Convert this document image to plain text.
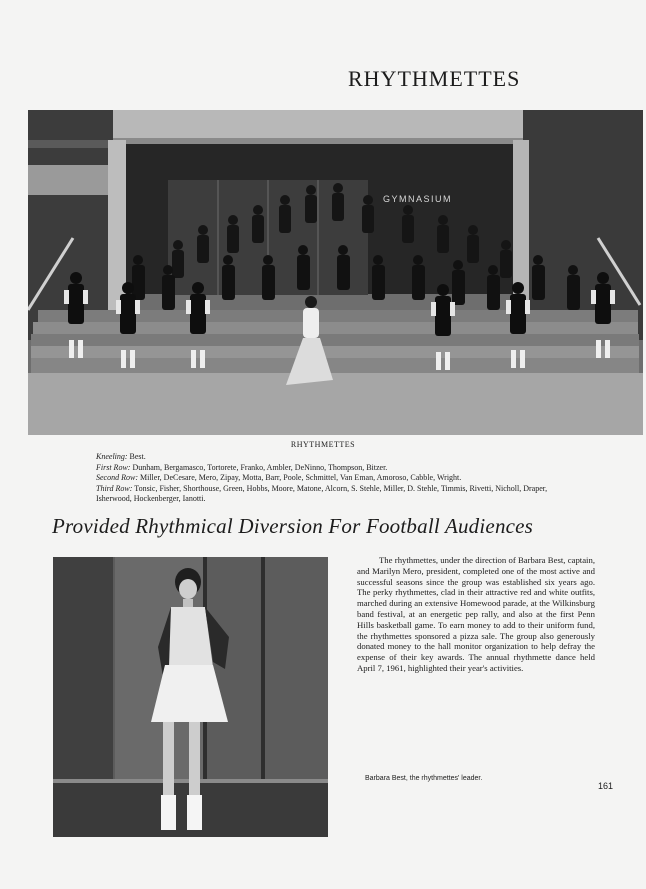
RHYTHMETTES
GYMNASIUM
RHYTHMETTES

Kneeling: Best.

First Row: Dunham, Bergamasco, Tortorete, Franko, Ambler, DeNinno, Thompson, Bitzer.

Second Row: Miller, DeCesare, Mero, Zipay, Motta, Barr, Poole, Schmittel, Van Eman, Amoroso, Cabble, Wright.

Third Row: Tonsic, Fisher, Shorthouse, Green, Hobbs, Moore, Matone, Alcorn, S. Stehle, Miller, D. Stehle, Timmis, Rivetti, Nicholl, Draper, Isherwood, Hockenberger, Ianotti.

Provided Rhythmical Diversion For Football Audiences

The rhythmettes, under the direction of Barbara Best, captain, and Marilyn Mero, president, completed one of the most active and successful seasons since the group was established six years ago. The perky rhythmettes, clad in their attractive red and white outfits, marched during an extensive Homewood parade, at the Wilkinsburg band festival, at an energetic pep rally, and also at the first Penn Hills basketball game. To earn money to add to their uniform fund, the rhythmettes sponsored a pizza sale. The group also generously donated money to the hall monitor organization to help defray the expense of their key awards. The annual rhythmette dance held April 7, 1961, highlighted their year's activities.

Barbara Best, the rhythmettes' leader.
161
